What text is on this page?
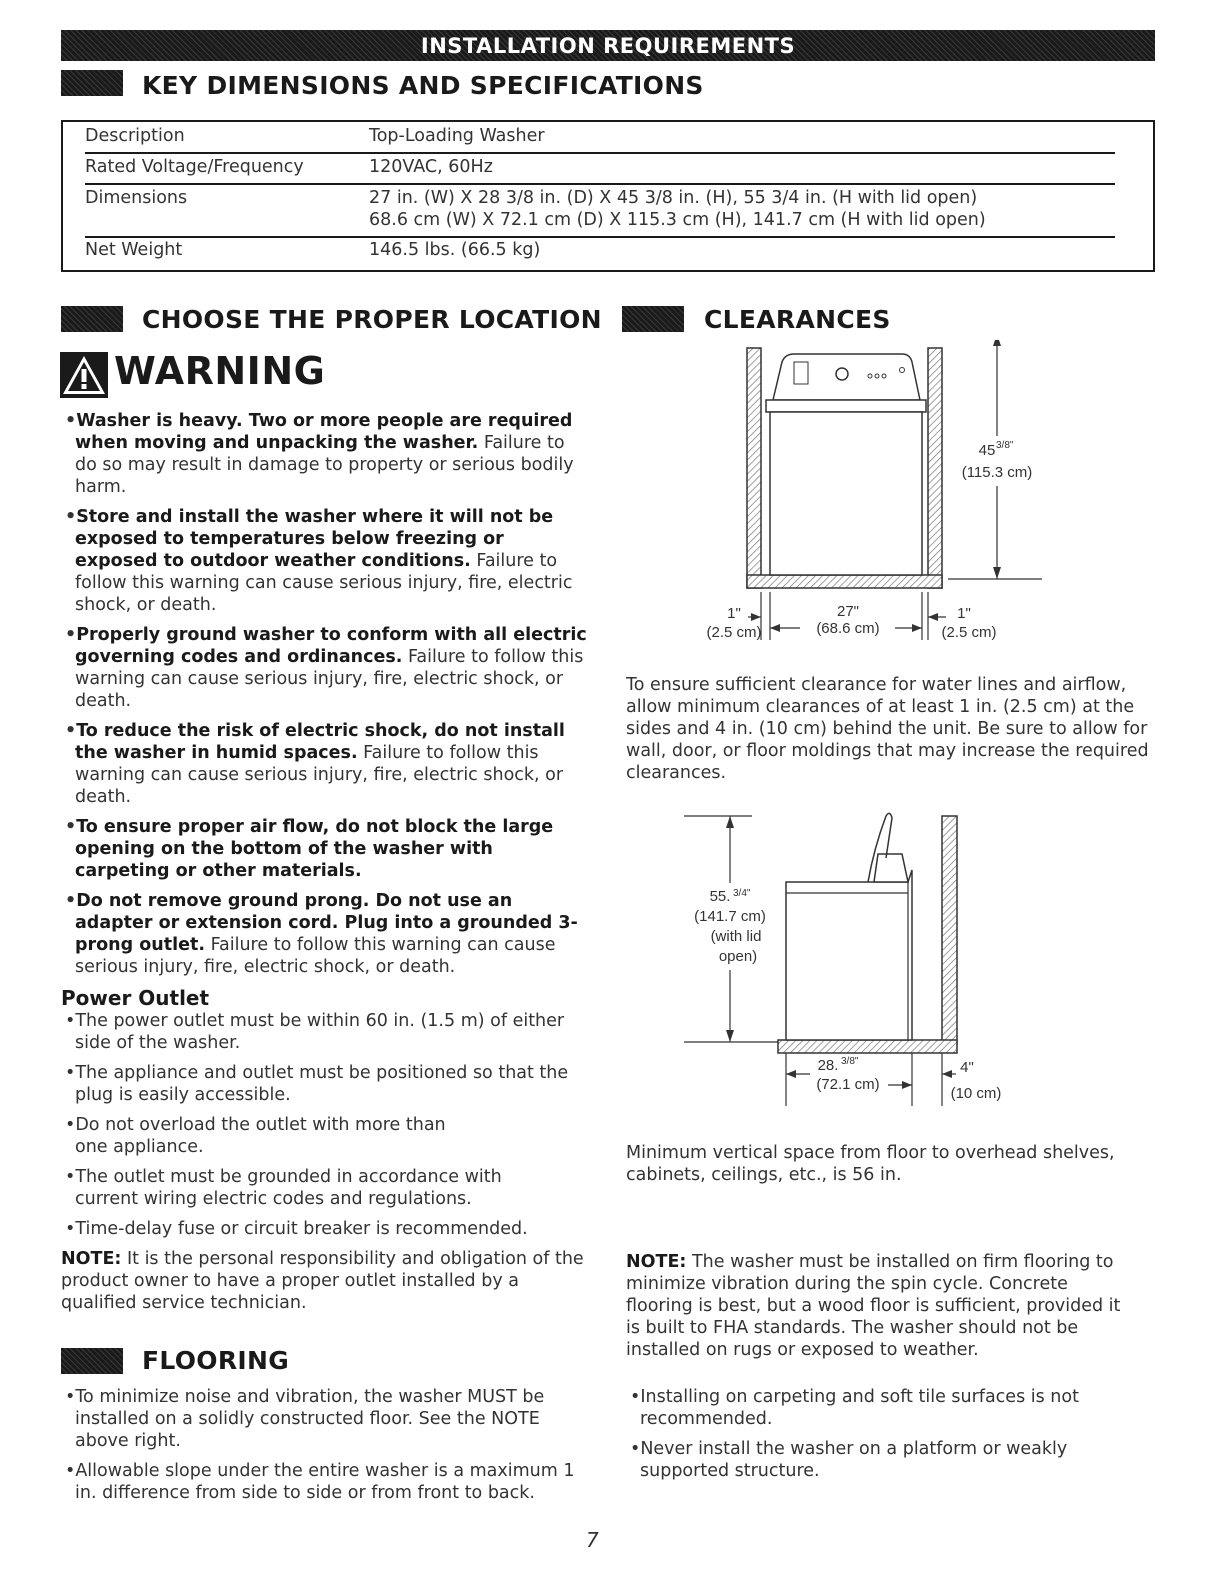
INSTALLATION REQUIREMENTS
KEY DIMENSIONS AND SPECIFICATIONS
Description	Top-Loading Washer
Rated Voltage/Frequency	120VAC, 60Hz
Dimensions	27 in. (W) X 28 3/8 in. (D) X 45 3/8 in. (H), 55 3/4 in. (H with lid open)
68.6 cm (W) X 72.1 cm (D) X 115.3 cm (H), 141.7 cm (H with lid open)
Net Weight	146.5 lbs. (66.5 kg)
CHOOSE THE PROPER LOCATION
WARNING
•Washer is heavy. Two or more people are required when moving and unpacking the washer. Failure to do so may result in damage to property or serious bodily harm.
•Store and install the washer where it will not be exposed to temperatures below freezing or exposed to outdoor weather conditions. Failure to follow this warning can cause serious injury, fire, electric shock, or death.
•Properly ground washer to conform with all electric governing codes and ordinances. Failure to follow this warning can cause serious injury, fire, electric shock, or death.
•To reduce the risk of electric shock, do not install the washer in humid spaces. Failure to follow this warning can cause serious injury, fire, electric shock, or death.
•To ensure proper air flow, do not block the large opening on the bottom of the washer with carpeting or other materials.
•Do not remove ground prong. Do not use an adapter or extension cord. Plug into a grounded 3-prong outlet. Failure to follow this warning can cause serious injury, fire, electric shock, or death.
Power Outlet
•The power outlet must be within 60 in. (1.5 m) of either side of the washer.
•The appliance and outlet must be positioned so that the plug is easily accessible.
•Do not overload the outlet with more than one appliance.
•The outlet must be grounded in accordance with current wiring electric codes and regulations.
•Time-delay fuse or circuit breaker is recommended.
NOTE: It is the personal responsibility and obligation of the product owner to have a proper outlet installed by a qualified service technician.
FLOORING
•To minimize noise and vibration, the washer MUST be installed on a solidly constructed floor. See the NOTE above right.
•Allowable slope under the entire washer is a maximum 1 in. difference from side to side or from front to back.
CLEARANCES
45 3/8"
(115.3 cm)
1"
(2.5 cm)
27"
(68.6 cm)
1"
(2.5 cm)
To ensure sufficient clearance for water lines and airflow, allow minimum clearances of at least 1 in. (2.5 cm) at the sides and 4 in. (10 cm) behind the unit. Be sure to allow for wall, door, or floor moldings that may increase the required clearances.
55. 3/4"
(141.7 cm)
(with lid
open)
28. 3/8"
(72.1 cm)
4"
(10 cm)
Minimum vertical space from floor to overhead shelves, cabinets, ceilings, etc., is 56 in.
NOTE: The washer must be installed on firm flooring to minimize vibration during the spin cycle. Concrete flooring is best, but a wood floor is sufficient, provided it is built to FHA standards. The washer should not be installed on rugs or exposed to weather.
•Installing on carpeting and soft tile surfaces is not recommended.
•Never install the washer on a platform or weakly supported structure.
7
